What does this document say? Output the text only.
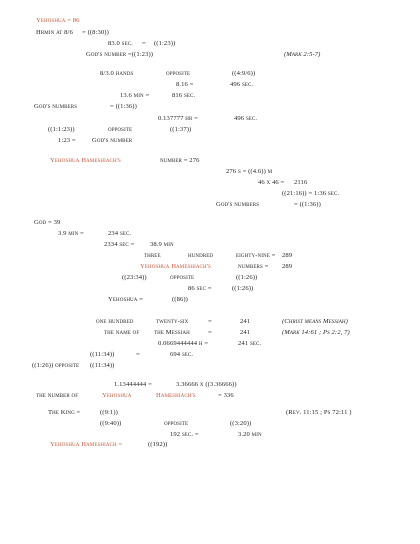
Yehoshua = 86
Hrmin at 8/6 = ((8:30))
83.0 sec. = ((1:23))
God's number =((1:23))	(Mark 2:5-7)
8/3.0 hands	opposite	((4:9/6))
8.16 =	496 sec.
13.6 min =	816 sec.
God's numbers	= ((1:36))
0.137777 hr =	496 sec.
((1:1:23))	opposite	((1:37))
1:23 = God's number
Yehoshua Hameshiach's	number = 276
276 s = ((4.6)) m
46 x 46 = 2116
((21:16)) = 1:36 sec.
God's numbers	= ((1:36))
God = 39
3.9 min =	234 sec.
2334 sec = 38.9 min
three	hundred	eighty-nine = 289
Yehoshua Hameshiach's	numbers = 289
((23:34))	opposite	((1:26))
86 sec =	((1:26))
Yehoshua =	((86))
one hundred	twenty-six	=	241	(Christ means Messiah)
the name of the Messiah	=	241	(Mark 14:61 ; Ps 2:2, 7)
0.0669444444 h =	241 sec.
((11:34))	=	694 sec.
((1:26)) opposite ((11:34))
1.13444444 =	3.36666 x ((3.36666))
the number of	Yehoshua	Hameshiach's	= 336
The King =	((9:1))	(Rev. 11:15 ; Ps 72:11 )
((9:40))	opposite	((3:20))
192 sec. =	3.20 min
Yehoshua Hameshiach =	((192))
